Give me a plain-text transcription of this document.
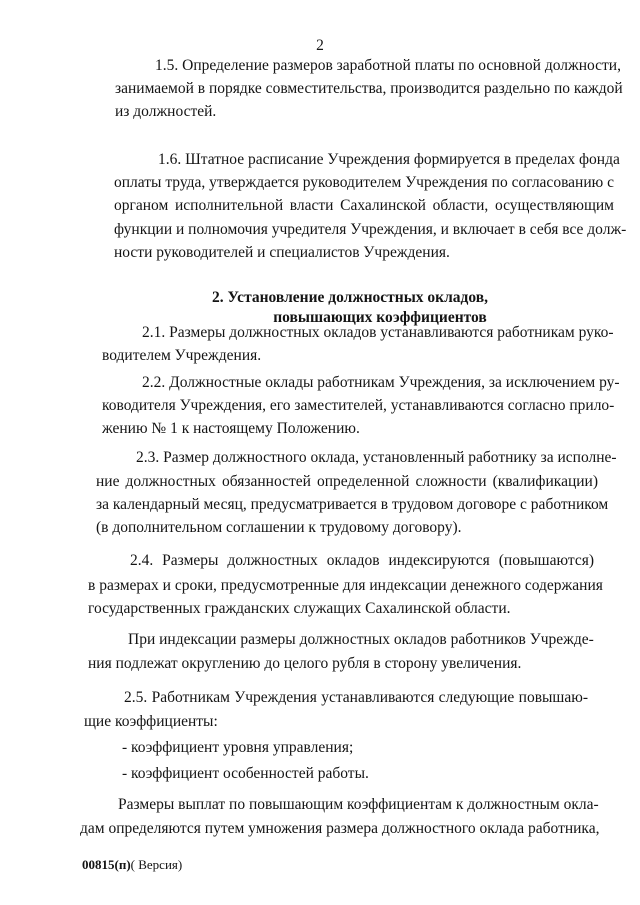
2
1.5. Определение размеров заработной платы по основной должности,
занимаемой в порядке совместительства, производится раздельно по каждой
из должностей.
1.6. Штатное расписание Учреждения формируется в пределах фонда
оплаты труда, утверждается руководителем Учреждения по согласованию с
органом исполнительной власти Сахалинской области, осуществляющим
функции и полномочия учредителя Учреждения, и включает в себя все долж-
ности руководителей и специалистов Учреждения.
2. Установление должностных окладов,
повышающих коэффициентов
2.1. Размеры должностных окладов устанавливаются работникам руко-
водителем Учреждения.
2.2. Должностные оклады работникам Учреждения, за исключением ру-
ководителя Учреждения, его заместителей, устанавливаются согласно прило-
жению № 1 к настоящему Положению.
2.3. Размер должностного оклада, установленный работнику за исполне-
ние должностных обязанностей определенной сложности (квалификации)
за календарный месяц, предусматривается в трудовом договоре с работником
(в дополнительном соглашении к трудовому договору).
2.4. Размеры должностных окладов индексируются (повышаются)
в размерах и сроки, предусмотренные для индексации денежного содержания
государственных гражданских служащих Сахалинской области.
При индексации размеры должностных окладов работников Учрежде-
ния подлежат округлению до целого рубля в сторону увеличения.
2.5. Работникам Учреждения устанавливаются следующие повышаю-
щие коэффициенты:
- коэффициент уровня управления;
- коэффициент особенностей работы.
Размеры выплат по повышающим коэффициентам к должностным окла-
дам определяются путем умножения размера должностного оклада работника,
00815(п)( Версия)
